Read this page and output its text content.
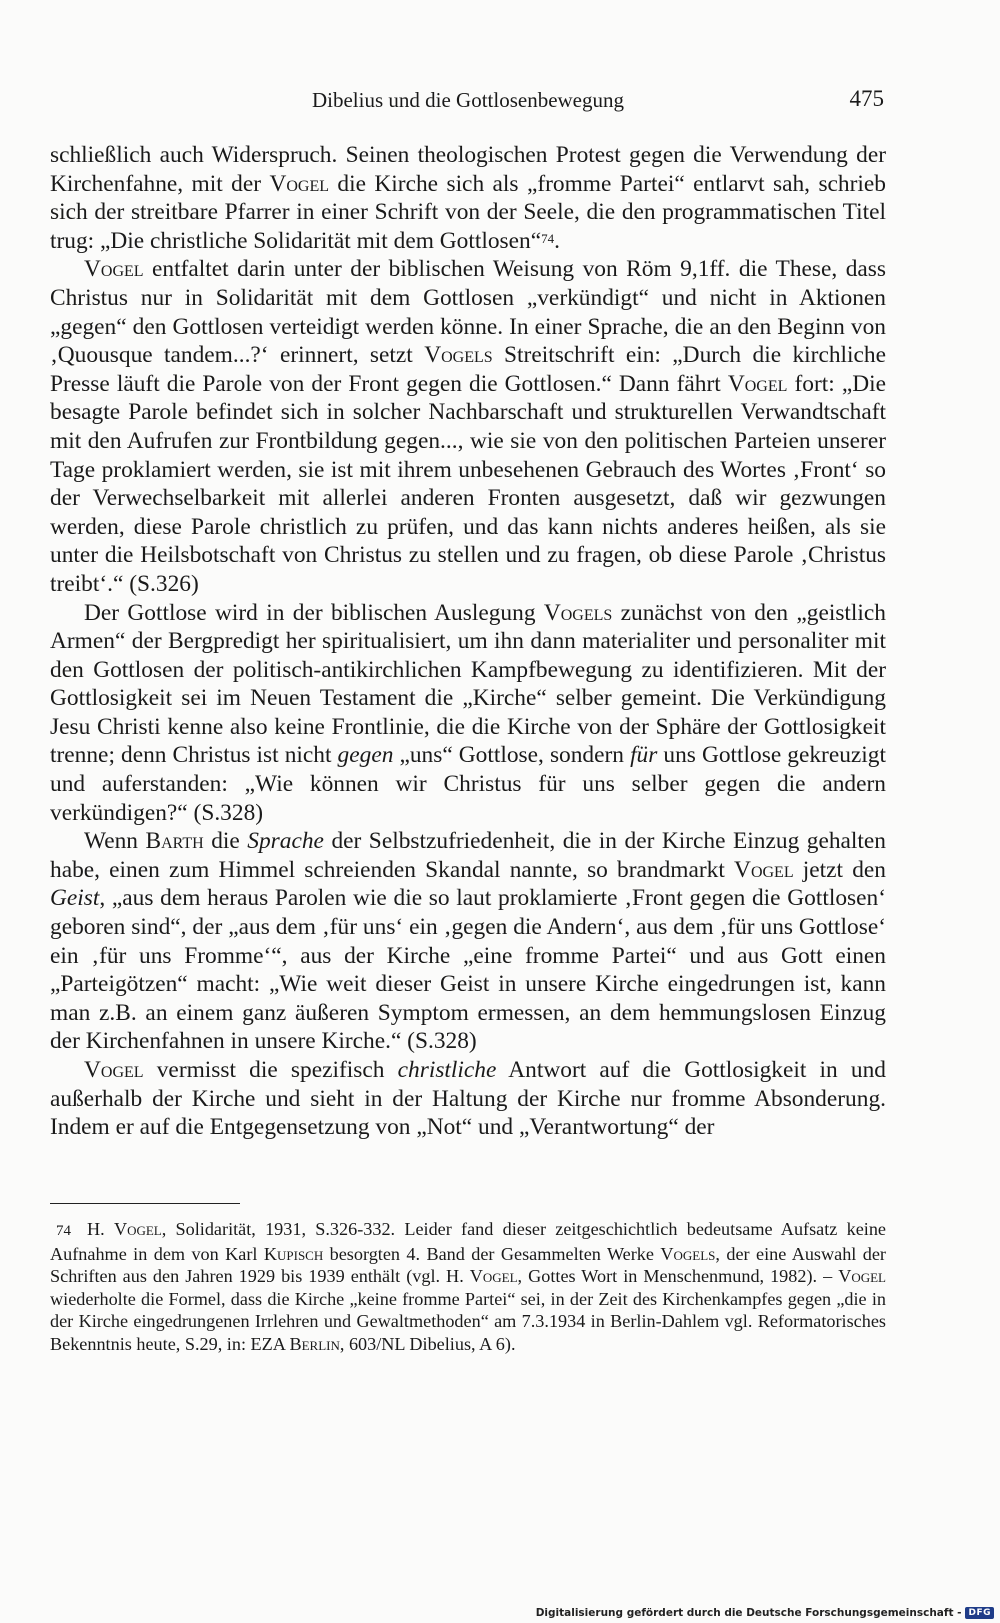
Dibelius und die Gottlosenbewegung	475

schließlich auch Widerspruch. Seinen theologischen Protest gegen die Verwendung der Kirchenfahne, mit der Vogel die Kirche sich als „fromme Partei“ entlarvt sah, schrieb sich der streitbare Pfarrer in einer Schrift von der Seele, die den programmatischen Titel trug: „Die christliche Solidarität mit dem Gottlosen“$^{74}$.

Vogel entfaltet darin unter der biblischen Weisung von Röm 9,1ff. die These, dass Christus nur in Solidarität mit dem Gottlosen „verkündigt“ und nicht in Aktionen „gegen“ den Gottlosen verteidigt werden könne. In einer Sprache, die an den Beginn von ‚Quousque tandem...?‘ erinnert, setzt Vogels Streitschrift ein: „Durch die kirchliche Presse läuft die Parole von der Front gegen die Gottlosen.“ Dann fährt Vogel fort: „Die besagte Parole befindet sich in solcher Nachbarschaft und strukturellen Verwandtschaft mit den Aufrufen zur Frontbildung gegen..., wie sie von den politischen Parteien unserer Tage proklamiert werden, sie ist mit ihrem unbesehenen Gebrauch des Wortes ‚Front‘ so der Verwechselbarkeit mit allerlei anderen Fronten ausgesetzt, daß wir gezwungen werden, diese Parole christlich zu prüfen, und das kann nichts anderes heißen, als sie unter die Heilsbotschaft von Christus zu stellen und zu fragen, ob diese Parole ‚Christus treibt‘.“ (S.326)

Der Gottlose wird in der biblischen Auslegung Vogels zunächst von den „geistlich Armen“ der Bergpredigt her spiritualisiert, um ihn dann materialiter und personaliter mit den Gottlosen der politisch-antikirchlichen Kampfbewegung zu identifizieren. Mit der Gottlosigkeit sei im Neuen Testament die „Kirche“ selber gemeint. Die Verkündigung Jesu Christi kenne also keine Frontlinie, die die Kirche von der Sphäre der Gottlosigkeit trenne; denn Christus ist nicht gegen „uns“ Gottlose, sondern für uns Gottlose gekreuzigt und auferstanden: „Wie können wir Christus für uns selber gegen die andern verkündigen?“ (S.328)

Wenn Barth die Sprache der Selbstzufriedenheit, die in der Kirche Einzug gehalten habe, einen zum Himmel schreienden Skandal nannte, so brandmarkt Vogel jetzt den Geist, „aus dem heraus Parolen wie die so laut proklamierte ‚Front gegen die Gottlosen‘ geboren sind“, der „aus dem ‚für uns‘ ein ‚gegen die Andern‘, aus dem ‚für uns Gottlose‘ ein ‚für uns Fromme‘“, aus der Kirche „eine fromme Partei“ und aus Gott einen „Parteigötzen“ macht: „Wie weit dieser Geist in unsere Kirche eingedrungen ist, kann man z.B. an einem ganz äußeren Symptom ermessen, an dem hemmungslosen Einzug der Kirchenfahnen in unsere Kirche.“ (S.328)

Vogel vermisst die spezifisch christliche Antwort auf die Gottlosigkeit in und außerhalb der Kirche und sieht in der Haltung der Kirche nur fromme Absonderung. Indem er auf die Entgegensetzung von „Not“ und „Verantwortung“ der

74 H. Vogel, Solidarität, 1931, S.326-332. Leider fand dieser zeitgeschichtlich bedeutsame Aufsatz keine Aufnahme in dem von Karl Kupisch besorgten 4. Band der Gesammelten Werke Vogels, der eine Auswahl der Schriften aus den Jahren 1929 bis 1939 enthält (vgl. H. Vogel, Gottes Wort in Menschenmund, 1982). – Vogel wiederholte die Formel, dass die Kirche „keine fromme Partei“ sei, in der Zeit des Kirchenkampfes gegen „die in der Kirche eingedrungenen Irrlehren und Gewaltmethoden“ am 7.3.1934 in Berlin-Dahlem vgl. Reformatorisches Bekenntnis heute, S.29, in: EZA Berlin, 603/NL Dibelius, A 6).
Digitalisierung gefördert durch die Deutsche Forschungsgemeinschaft - DFG
